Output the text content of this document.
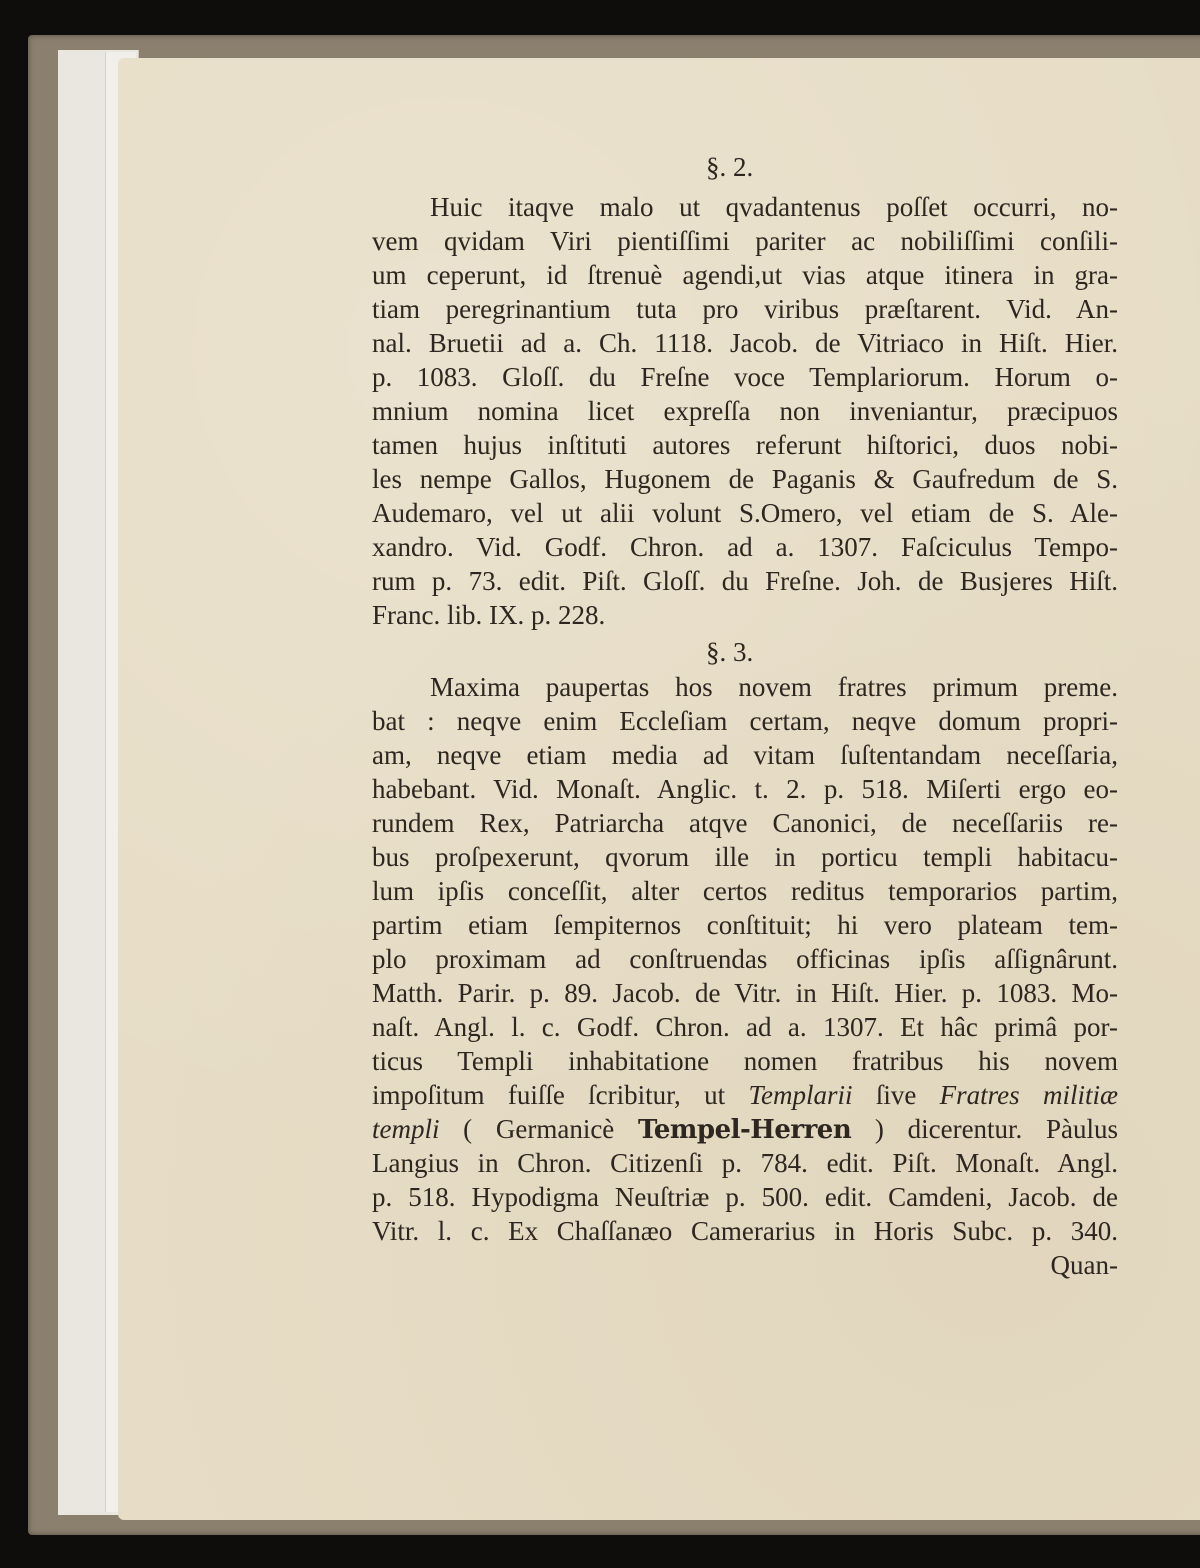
§. 2.
Huic itaqve malo ut qvadantenus poſſet occurri, no-
vem qvidam Viri pientiſſimi pariter ac nobiliſſimi conſili-
um ceperunt, id ſtrenuè agendi,ut vias atque itinera in gra-
tiam peregrinantium tuta pro viribus præſtarent. Vid. An-
nal. Bruetii ad a. Ch. 1118. Jacob. de Vitriaco in Hiſt. Hier.
p. 1083. Gloſſ. du Freſne voce Templariorum. Horum o-
mnium nomina licet expreſſa non inveniantur, præcipuos
tamen hujus inſtituti autores referunt hiſtorici, duos nobi-
les nempe Gallos, Hugonem de Paganis & Gaufredum de S.
Audemaro, vel ut alii volunt S.Omero, vel etiam de S. Ale-
xandro. Vid. Godf. Chron. ad a. 1307. Faſciculus Tempo-
rum p. 73. edit. Piſt. Gloſſ. du Freſne. Joh. de Busjeres Hiſt.
Franc. lib. IX. p. 228.
§. 3.
Maxima paupertas hos novem fratres primum preme.
bat : neqve enim Eccleſiam certam, neqve domum propri-
am, neqve etiam media ad vitam ſuſtentandam neceſſaria,
habebant. Vid. Monaſt. Anglic. t. 2. p. 518. Miſerti ergo eo-
rundem Rex, Patriarcha atqve Canonici, de neceſſariis re-
bus proſpexerunt, qvorum ille in porticu templi habitacu-
lum ipſis conceſſit, alter certos reditus temporarios partim,
partim etiam ſempiternos conſtituit; hi vero plateam tem-
plo proximam ad conſtruendas officinas ipſis aſſignârunt.
Matth. Parir. p. 89. Jacob. de Vitr. in Hiſt. Hier. p. 1083. Mo-
naſt. Angl. l. c. Godf. Chron. ad a. 1307. Et hâc primâ por-
ticus Templi inhabitatione nomen fratribus his novem
impoſitum fuiſſe ſcribitur, ut Templarii ſive Fratres militiæ
templi ( Germanicè Tempel-Herren ) dicerentur. Pàulus
Langius in Chron. Citizenſi p. 784. edit. Piſt. Monaſt. Angl.
p. 518. Hypodigma Neuſtriæ p. 500. edit. Camdeni, Jacob. de
Vitr. l. c. Ex Chaſſanæo Camerarius in Horis Subc. p. 340.
Quan-
